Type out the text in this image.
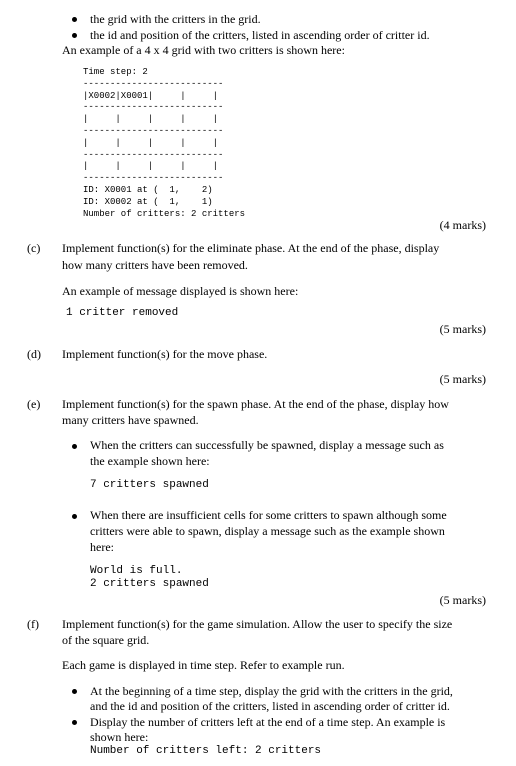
the grid with the critters in the grid.
the id and position of the critters, listed in ascending order of critter id.
An example of a 4 x 4 grid with two critters is shown here:
Time step: 2
--------------------------
|X0002|X0001|     |     |
--------------------------
|     |     |     |     |
--------------------------
|     |     |     |     |
--------------------------
|     |     |     |     |
--------------------------
ID: X0001 at (  1,    2)
ID: X0002 at (  1,    1)
Number of critters: 2 critters
(4 marks)
(c) Implement function(s) for the eliminate phase. At the end of the phase, display
how many critters have been removed.
An example of message displayed is shown here:
1 critter removed
(5 marks)
(d) Implement function(s) for the move phase.
(5 marks)
(e) Implement function(s) for the spawn phase. At the end of the phase, display how
many critters have spawned.
When the critters can successfully be spawned, display a message such as
the example shown here:
7 critters spawned
When there are insufficient cells for some critters to spawn although some
critters were able to spawn, display a message such as the example shown
here:
World is full.
2 critters spawned
(5 marks)
(f) Implement function(s) for the game simulation. Allow the user to specify the size
of the square grid.
Each game is displayed in time step. Refer to example run.
At the beginning of a time step, display the grid with the critters in the grid,
and the id and position of the critters, listed in ascending order of critter id.
Display the number of critters left at the end of a time step. An example is
shown here:
Number of critters left: 2 critters
